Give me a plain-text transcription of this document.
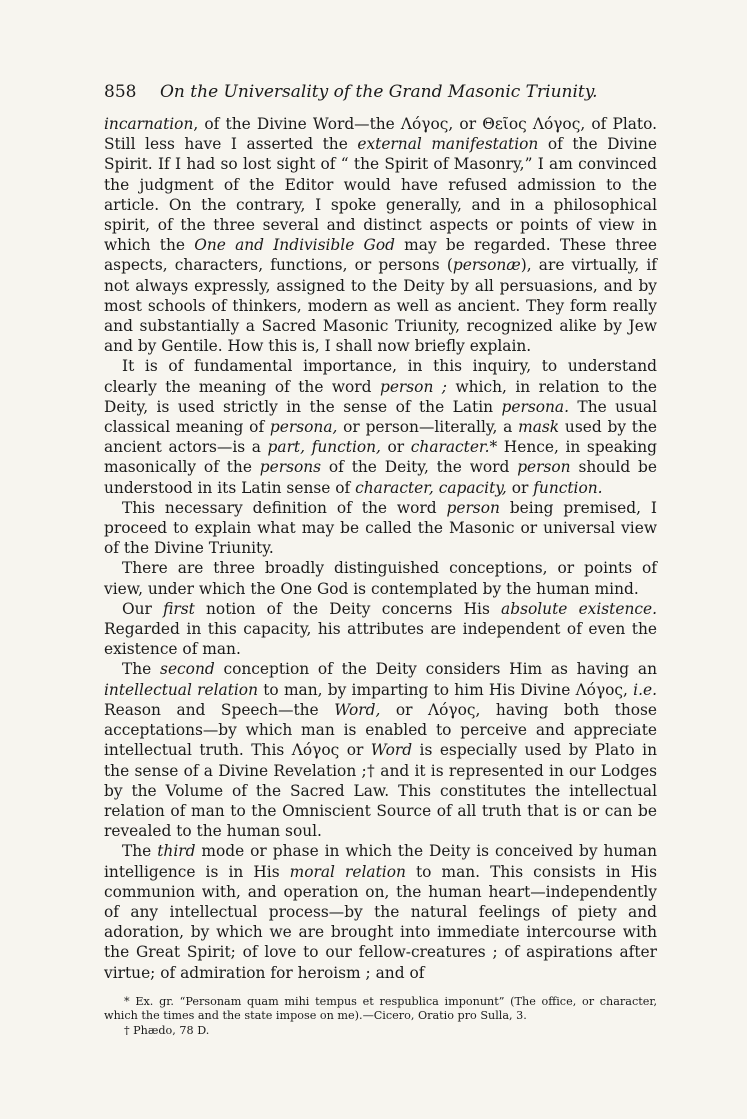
858	On the Universality of the Grand Masonic Triunity.

incarnation, of the Divine Word—the Λόγος, or Θεῖος Λόγος, of Plato. Still less have I asserted the external manifestation of the Divine Spirit. If I had so lost sight of “ the Spirit of Masonry,” I am convinced the judgment of the Editor would have refused admission to the article. On the contrary, I spoke generally, and in a philosophical spirit, of the three several and distinct aspects or points of view in which the One and Indivisible God may be regarded. These three aspects, characters, functions, or persons (personæ), are virtually, if not always expressly, assigned to the Deity by all persuasions, and by most schools of thinkers, modern as well as ancient. They form really and substantially a Sacred Masonic Triunity, recognized alike by Jew and by Gentile. How this is, I shall now briefly explain.

It is of fundamental importance, in this inquiry, to understand clearly the meaning of the word person ; which, in relation to the Deity, is used strictly in the sense of the Latin persona. The usual classical meaning of persona, or person—literally, a mask used by the ancient actors—is a part, function, or character.* Hence, in speaking masonically of the persons of the Deity, the word person should be understood in its Latin sense of character, capacity, or function.

This necessary definition of the word person being premised, I proceed to explain what may be called the Masonic or universal view of the Divine Triunity.

There are three broadly distinguished conceptions, or points of view, under which the One God is contemplated by the human mind.

Our first notion of the Deity concerns His absolute existence. Regarded in this capacity, his attributes are independent of even the existence of man.

The second conception of the Deity considers Him as having an intellectual relation to man, by imparting to him His Divine Λόγος, i.e. Reason and Speech—the Word, or Λόγος, having both those acceptations—by which man is enabled to perceive and appreciate intellectual truth. This Λόγος or Word is especially used by Plato in the sense of a Divine Revelation ;† and it is represented in our Lodges by the Volume of the Sacred Law. This constitutes the intellectual relation of man to the Omniscient Source of all truth that is or can be revealed to the human soul.

The third mode or phase in which the Deity is conceived by human intelligence is in His moral relation to man. This consists in His communion with, and operation on, the human heart—independently of any intellectual process—by the natural feelings of piety and adoration, by which we are brought into immediate intercourse with the Great Spirit; of love to our fellow-creatures ; of aspirations after virtue; of admiration for heroism ; and of

* Ex. gr. “Personam quam mihi tempus et respublica imponunt” (The office, or character, which the times and the state impose on me).—Cicero, Oratio pro Sulla, 3.

† Phædo, 78 D.
